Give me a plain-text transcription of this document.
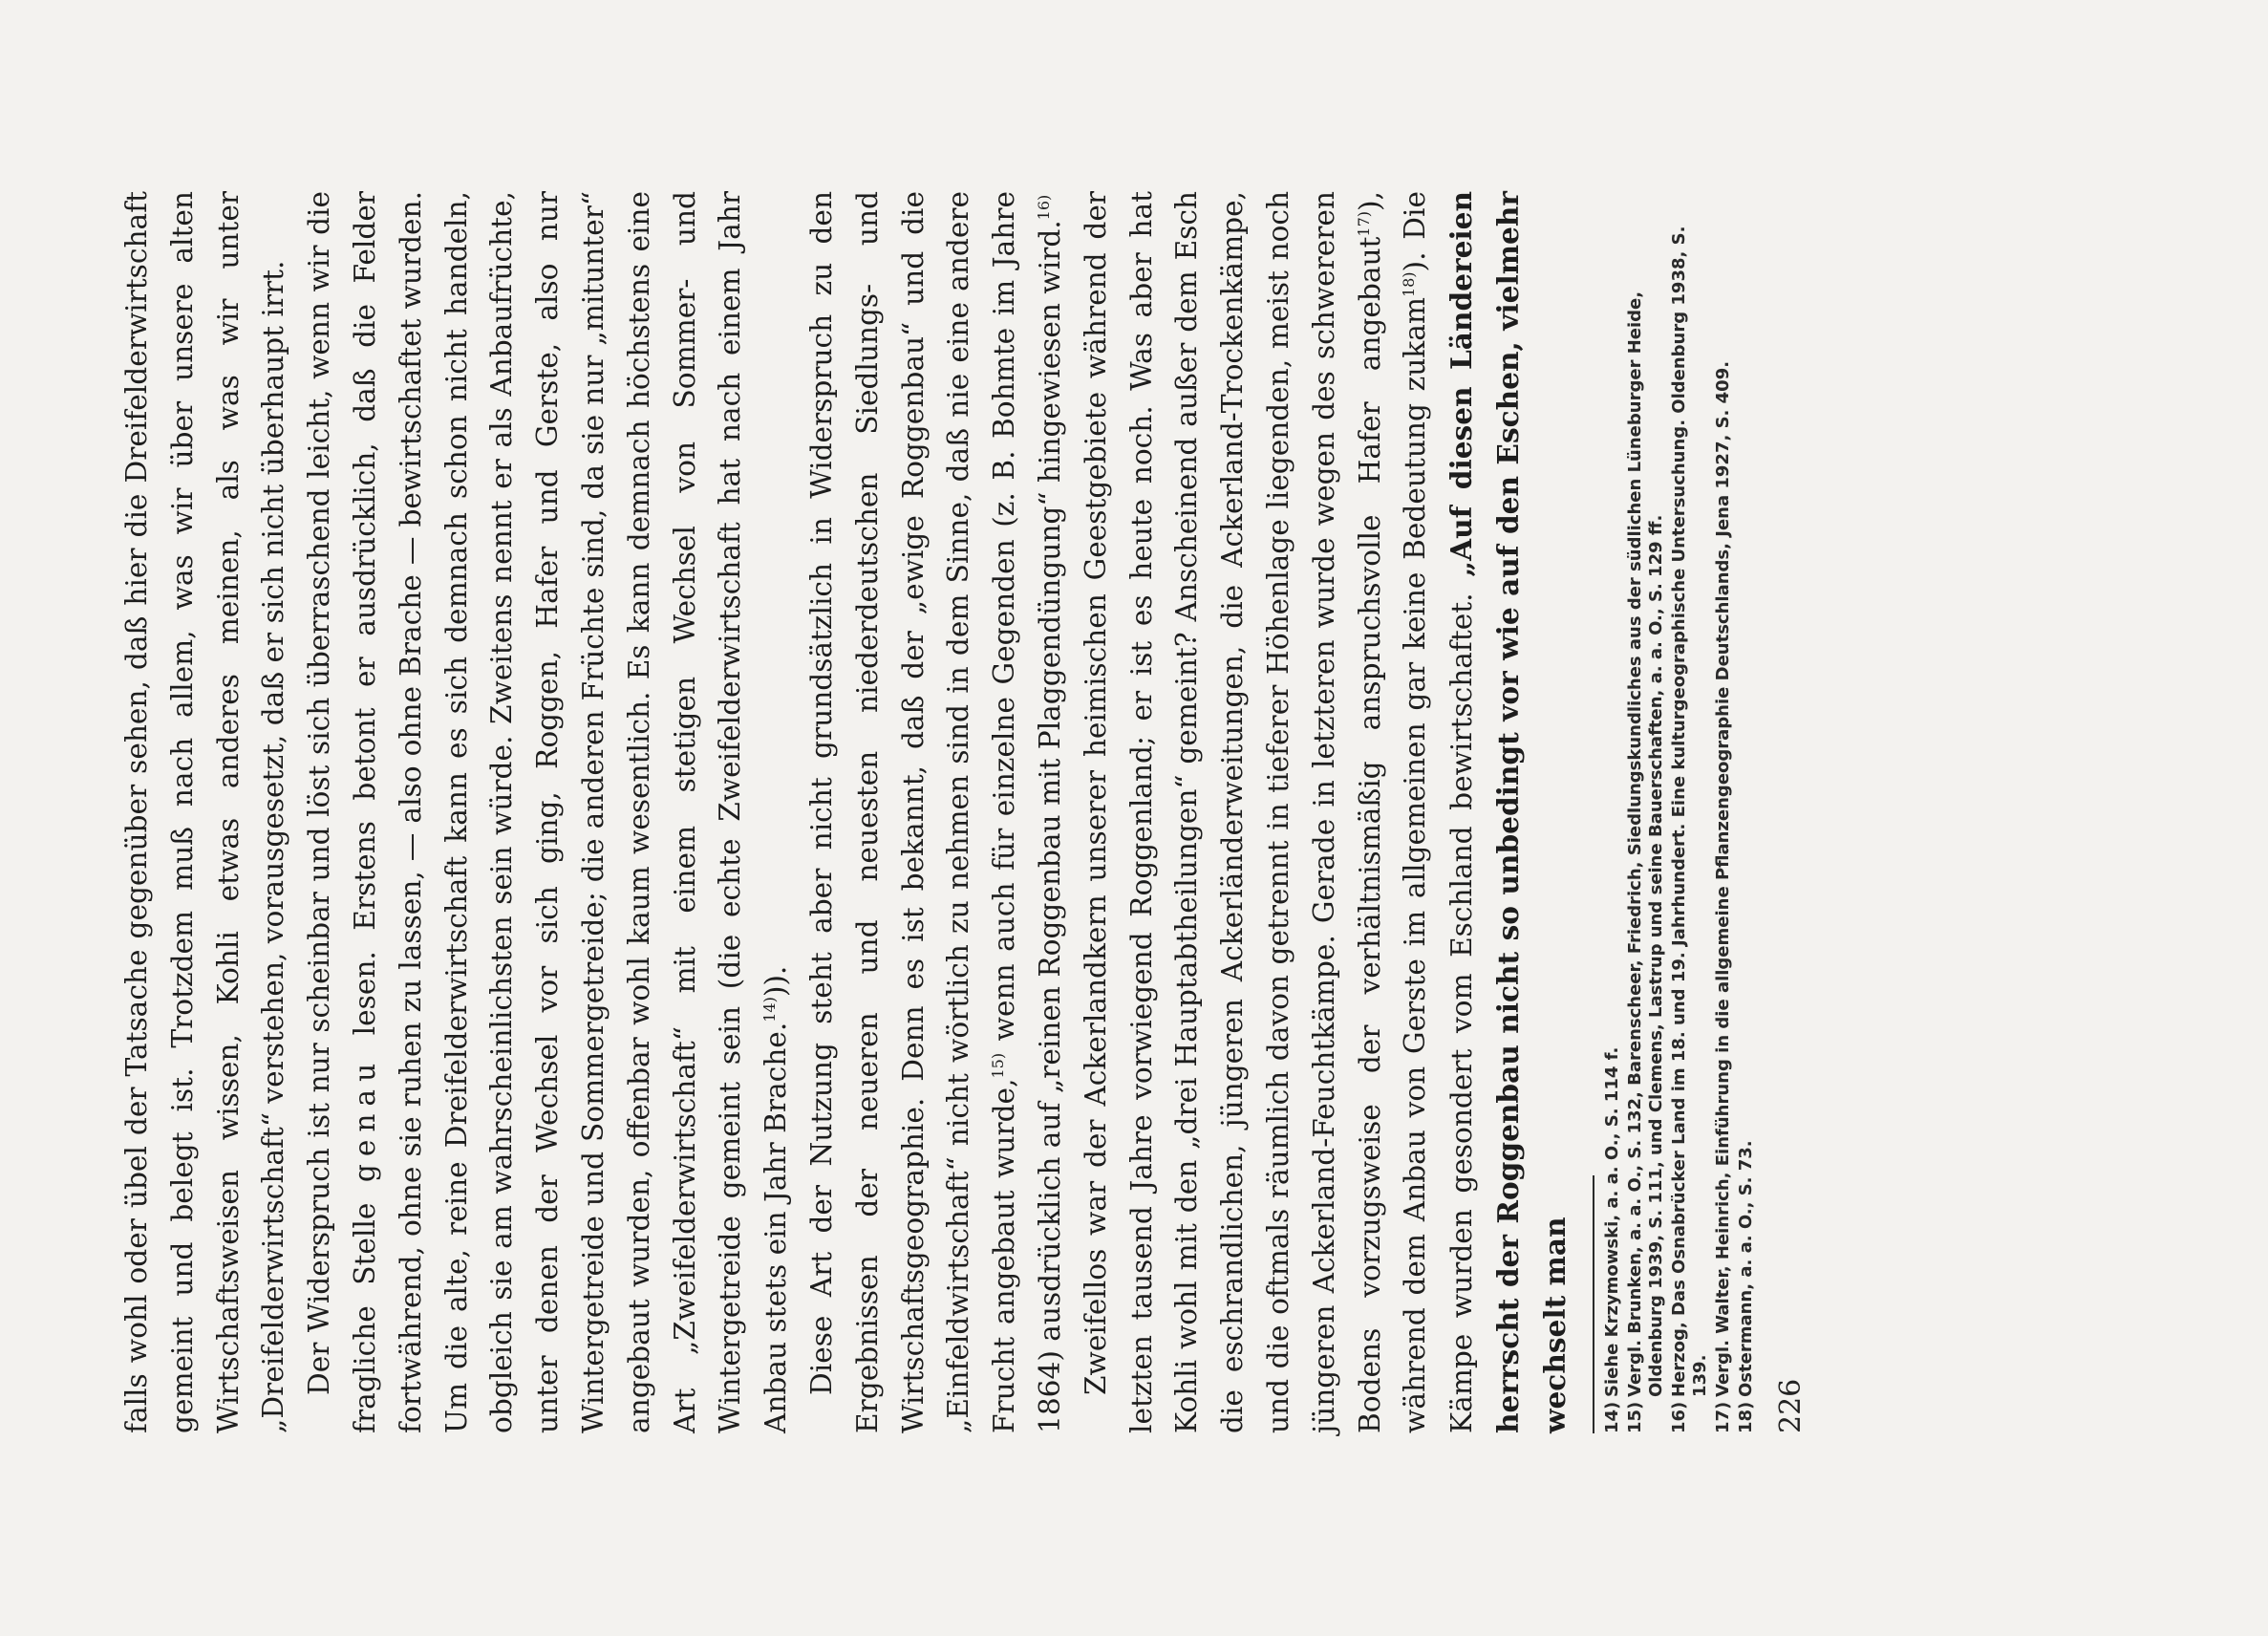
falls wohl oder übel der Tatsache gegenüber sehen, daß hier die Dreifelderwirtschaft gemeint und belegt ist. Trotzdem muß nach allem, was wir über unsere alten Wirtschaftsweisen wissen, Kohli etwas anderes meinen, als was wir unter „Dreifelderwirtschaft“ verstehen, vorausgesetzt, daß er sich nicht überhaupt irrt. Der Widerspruch ist nur scheinbar und löst sich überraschend leicht, wenn wir die fragliche Stelle genau lesen. Erstens betont er ausdrücklich, daß die Felder fortwährend, ohne sie ruhen zu lassen, — also ohne Brache — bewirtschaftet wurden. Um die alte, reine Dreifelderwirtschaft kann es sich demnach schon nicht handeln, obgleich sie am wahrscheinlichsten sein würde. Zweitens nennt er als Anbaufrüchte, unter denen der Wechsel vor sich ging, Roggen, Hafer und Gerste, also nur Wintergetreide und Sommergetreide; die anderen Früchte sind, da sie nur „mitunter“ angebaut wurden, offenbar wohl kaum wesentlich. Es kann demnach höchstens eine Art „Zweifelderwirtschaft“ mit einem stetigen Wechsel von Sommer- und Wintergetreide gemeint sein (die echte Zweifelderwirtschaft hat nach einem Jahr Anbau stets ein Jahr Brache.$^{14)}$)). Diese Art der Nutzung steht aber nicht grundsätzlich in Widerspruch zu den Ergebnissen der neueren und neuesten niederdeutschen Siedlungs- und Wirtschaftsgeographie. Denn es ist bekannt, daß der „ewige Roggenbau“ und die „Einfeldwirtschaft“ nicht wörtlich zu nehmen sind in dem Sinne, daß nie eine andere Frucht angebaut wurde,$^{15)}$ wenn auch für einzelne Gegenden (z. B. Bohmte im Jahre 1864) ausdrücklich auf „reinen Roggenbau mit Plaggendüngung“ hingewiesen wird.$^{16)}$ Zweifellos war der Ackerlandkern unserer heimischen Geestgebiete während der letzten tausend Jahre vorwiegend Roggenland; er ist es heute noch. Was aber hat Kohli wohl mit den „drei Hauptabtheilungen“ gemeint? Anscheinend außer dem Esch die eschrandlichen, jüngeren Ackerländerweitungen, die Ackerland-Trockenkämpe, und die oftmals räumlich davon getrennt in tieferer Höhenlage liegenden, meist noch jüngeren Ackerland-Feuchtkämpe. Gerade in letzteren wurde wegen des schwereren Bodens vorzugsweise der verhältnismäßig anspruchsvolle Hafer angebaut$^{17)}$), während dem Anbau von Gerste im allgemeinen gar keine Bedeutung zukam$^{18)}$). Die Kämpe wurden gesondert vom Eschland bewirtschaftet. „Auf diesen Ländereien herrscht der Roggenbau nicht so unbedingt vor wie auf den Eschen, vielmehr wechselt man	14)Siehe Krzymowski, a. a. O., S. 114 f.

15)Vergl. Brunken, a. a. O., S. 132, Barenscheer, Friedrich, Siedlungskundliches aus der südlichen Lüneburger Heide, Oldenburg 1939, S. 111, und Clemens, Lastrup und seine Bauerschaften, a. a. O., S. 129 ff.

16)Herzog, Das Osnabrücker Land im 18. und 19. Jahrhundert. Eine kulturgeographische Untersuchung. Oldenburg 1938, S. 139.

17)Vergl. Walter, Heinrich, Einführung in die allgemeine Pflanzengeographie Deutschlands, Jena 1927, S. 409.

18)Ostermann, a. a. O., S. 73.

226
